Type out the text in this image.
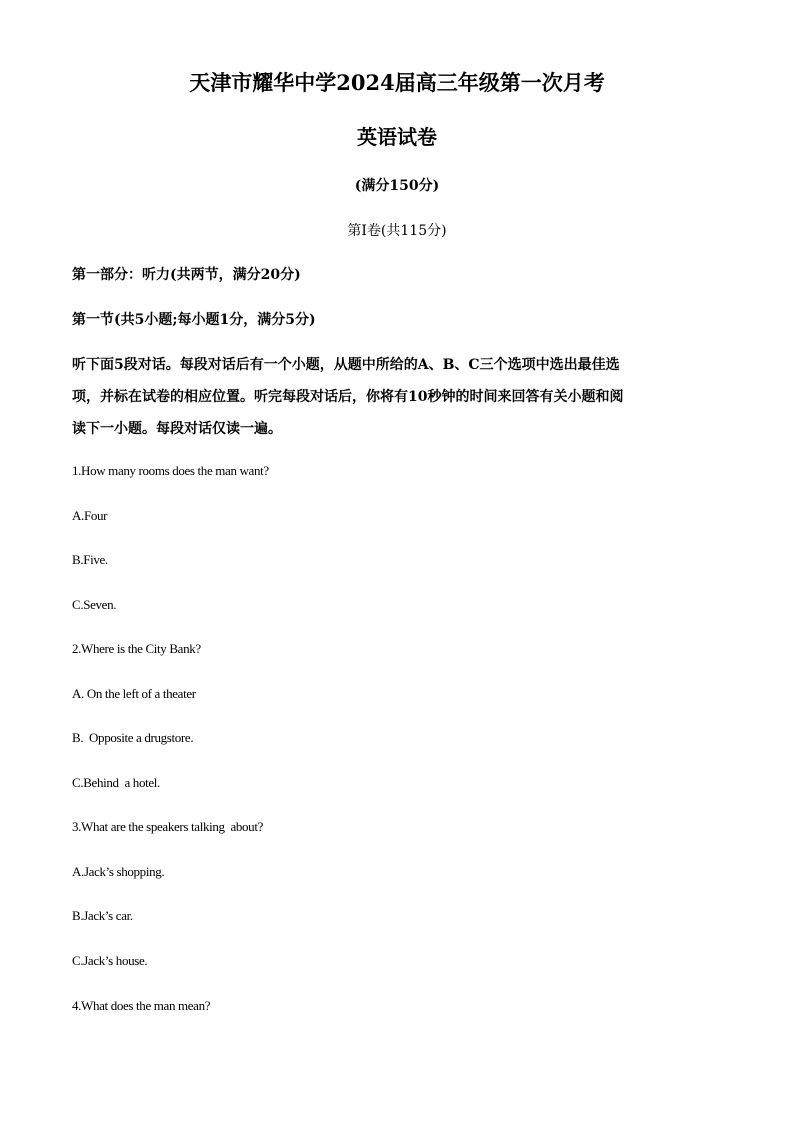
天津市耀华中学2024届高三年级第一次月考
英语试卷
(满分150分)
第I卷(共115分)
第一部分：听力(共两节，满分20分)
第一节(共5小题;每小题1分，满分5分)
听下面5段对话。每段对话后有一个小题，从题中所给的A、B、C三个选项中选出最佳选
项，并标在试卷的相应位置。听完每段对话后，你将有10秒钟的时间来回答有关小题和阅
读下一小题。每段对话仅读一遍。
1.How many rooms does the man want?
A.Four
B.Five.
C.Seven.
2.Where is the City Bank?
A. On the left of a theater
B.  Opposite a drugstore.
C.Behind  a hotel.
3.What are the speakers talking  about?
A.Jack’s shopping.
B.Jack’s car.
C.Jack’s house.
4.What does the man mean?
